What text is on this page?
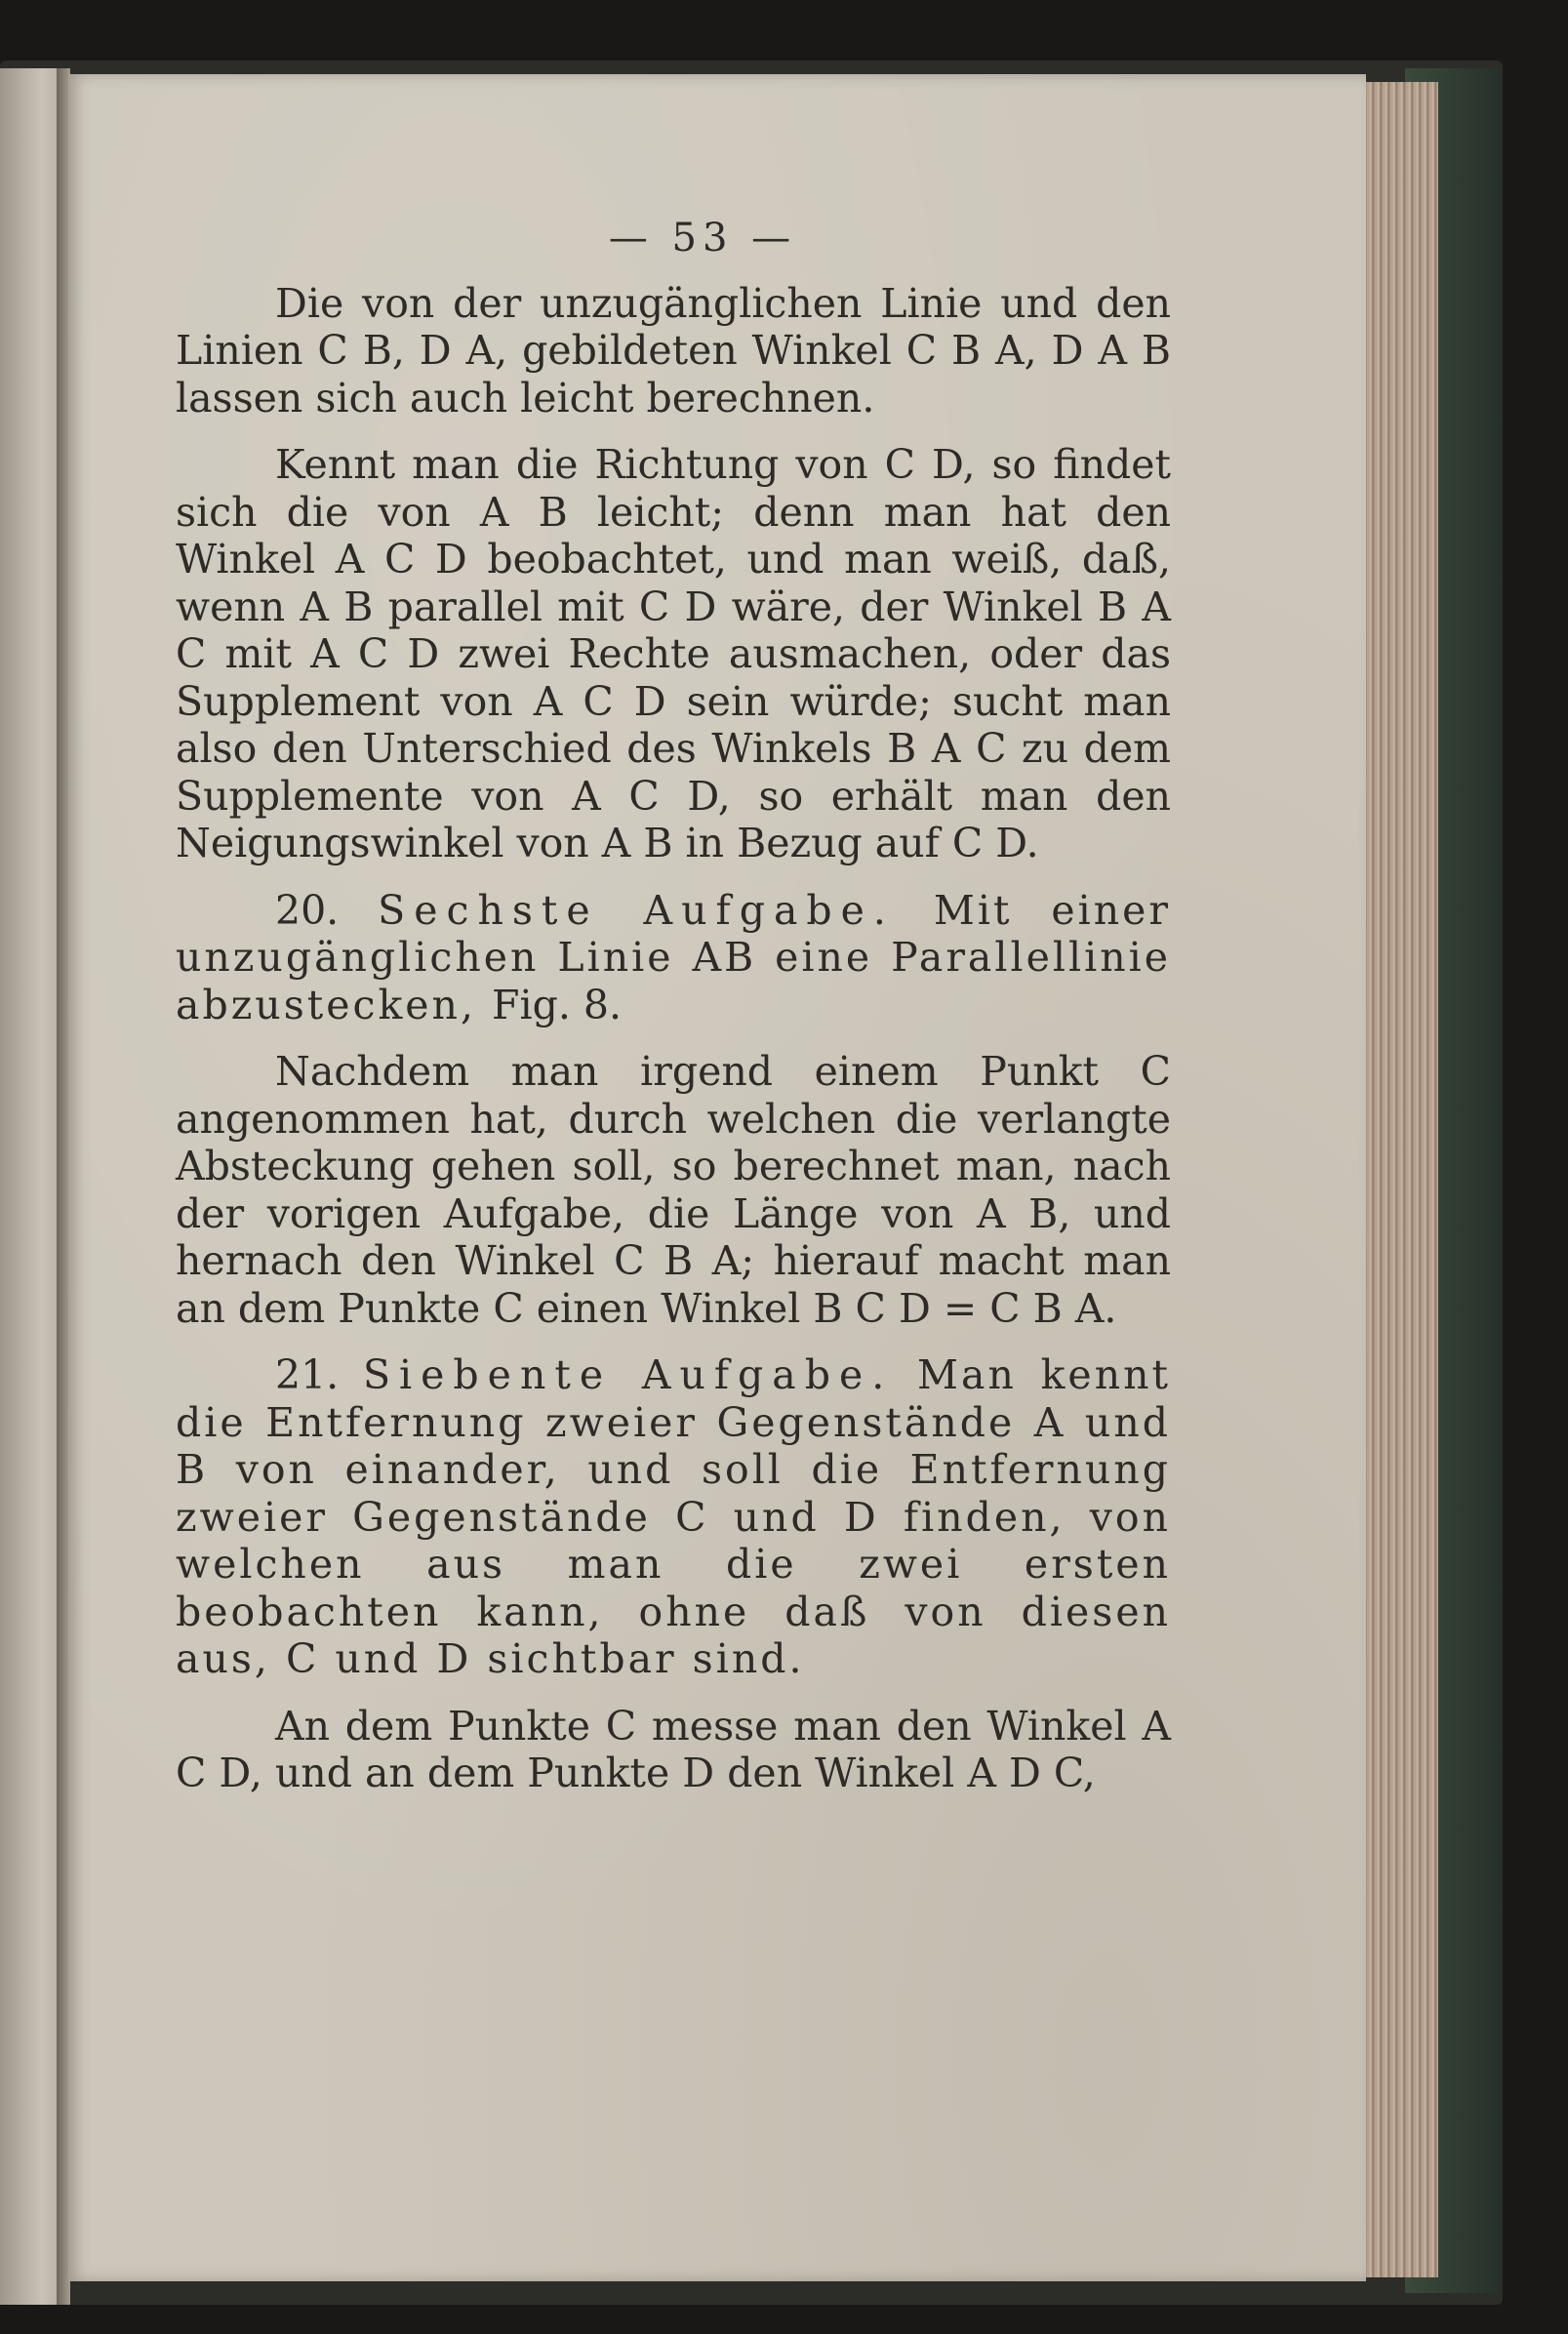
— 53 —

Die von der unzugänglichen Linie und den Linien C B, D A, gebildeten Winkel C B A, D A B lassen sich auch leicht berechnen.

Kennt man die Richtung von C D, so findet sich die von A B leicht; denn man hat den Winkel A C D beobachtet, und man weiß, daß, wenn A B parallel mit C D wäre, der Winkel B A C mit A C D zwei Rechte ausmachen, oder das Supplement von A C D sein würde; sucht man also den Unterschied des Winkels B A C zu dem Supplemente von A C D, so erhält man den Neigungswinkel von A B in Bezug auf C D.

20. Sechste Aufgabe. Mit einer unzugänglichen Linie AB eine Parallellinie abzustecken, Fig. 8.

Nachdem man irgend einem Punkt C angenommen hat, durch welchen die verlangte Absteckung gehen soll, so berechnet man, nach der vorigen Aufgabe, die Länge von A B, und hernach den Winkel C B A; hierauf macht man an dem Punkte C einen Winkel B C D = C B A.

21. Siebente Aufgabe. Man kennt die Entfernung zweier Gegenstände A und B von einander, und soll die Entfernung zweier Gegenstände C und D finden, von welchen aus man die zwei ersten beobachten kann, ohne daß von diesen aus, C und D sichtbar sind.

An dem Punkte C messe man den Winkel A C D, und an dem Punkte D den Winkel A D C,
